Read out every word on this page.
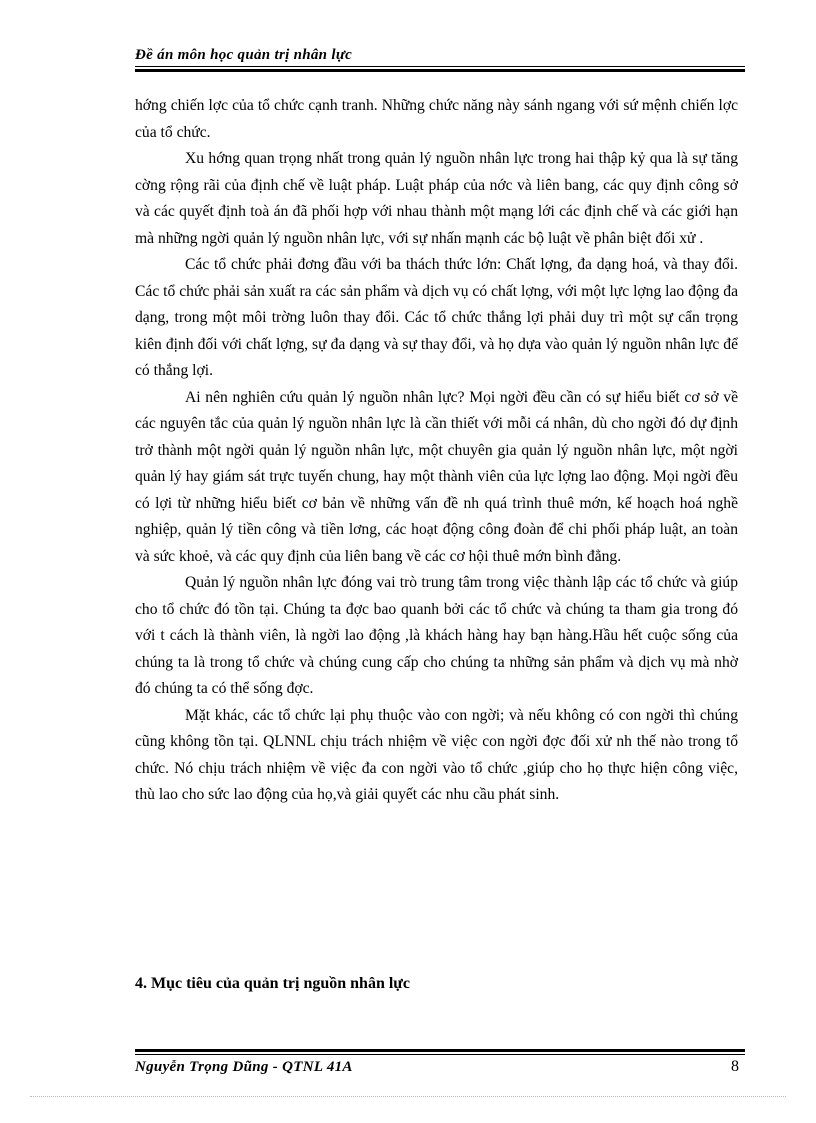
Đề án môn học quản trị nhân lực

hớng chiến lợc của tổ chức cạnh tranh. Những chức năng này sánh ngang với sứ mệnh chiến lợc của tổ chức.

Xu hớng quan trọng nhất trong quản lý nguồn nhân lực trong hai thập kỷ qua là sự tăng cờng rộng rãi của định chế về luật pháp. Luật pháp của nớc và liên bang, các quy định công sở và các quyết định toà án đã phối hợp với nhau thành một mạng lới các định chế và các giới hạn mà những ngời quản lý nguồn nhân lực, với sự nhấn mạnh các bộ luật về phân biệt đối xử .

Các tổ chức phải đơng đầu với ba thách thức lớn: Chất lợng, đa dạng hoá, và thay đổi. Các tổ chức phải sản xuất ra các sản phẩm và dịch vụ có chất lợng, với một lực lợng lao động đa dạng, trong một môi trờng luôn thay đổi. Các tổ chức thắng lợi phải duy trì một sự cẩn trọng kiên định đối với chất lợng, sự đa dạng và sự thay đổi, và họ dựa vào quản lý nguồn nhân lực để có thắng lợi.

Ai nên nghiên cứu quản lý nguồn nhân lực? Mọi ngời đều cần có sự hiểu biết cơ sở về các nguyên tắc của quản lý nguồn nhân lực là cần thiết với mỗi cá nhân, dù cho ngời đó dự định trở thành một ngời quản lý nguồn nhân lực, một chuyên gia quản lý nguồn nhân lực, một ngời quản lý hay giám sát trực tuyến chung, hay một thành viên của lực lợng lao động. Mọi ngời đều có lợi từ những hiểu biết cơ bản về những vấn đề nh quá trình thuê mớn, kế hoạch hoá nghề nghiệp, quản lý tiền công và tiền lơng, các hoạt động công đoàn để chi phối pháp luật, an toàn và sức khoẻ, và các quy định của liên bang về các cơ hội thuê mớn bình đẳng.

Quản lý nguồn nhân lực đóng vai trò trung tâm trong việc thành lập các tổ chức và giúp cho tổ chức đó tồn tại. Chúng ta đợc bao quanh bởi các tổ chức và chúng ta tham gia trong đó với t cách là thành viên, là ngời lao động ,là khách hàng hay bạn hàng.Hầu hết cuộc sống của chúng ta là trong tổ chức và chúng cung cấp cho chúng ta những sản phẩm và dịch vụ mà nhờ đó chúng ta có thể sống đợc.

Mặt khác, các tổ chức lại phụ thuộc vào con ngời; và nếu không có con ngời thì chúng cũng không tồn tại. QLNNL chịu trách nhiệm về việc con ngời đợc đối xử nh thế nào trong tổ chức. Nó chịu trách nhiệm về việc đa con ngời vào tổ chức ,giúp cho họ thực hiện công việc, thù lao cho sức lao động của họ,và giải quyết các nhu cầu phát sinh.

4. Mục tiêu của quản trị nguồn nhân lực
Nguyễn Trọng Dũng - QTNL 41A	8
